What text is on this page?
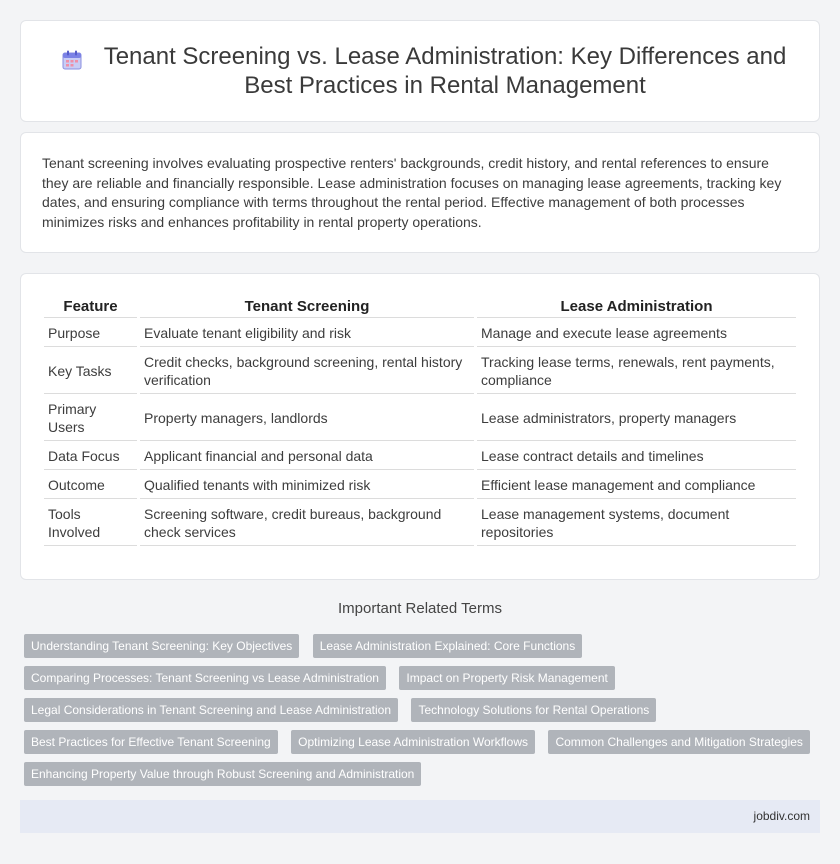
Tenant Screening vs. Lease Administration: Key Differences and Best Practices in Rental Management

Tenant screening involves evaluating prospective renters' backgrounds, credit history, and rental references to ensure they are reliable and financially responsible. Lease administration focuses on managing lease agreements, tracking key dates, and ensuring compliance with terms throughout the rental period. Effective management of both processes minimizes risks and enhances profitability in rental property operations.

Feature	Tenant Screening	Lease Administration
Purpose	Evaluate tenant eligibility and risk	Manage and execute lease agreements
Key Tasks	Credit checks, background screening, rental history verification	Tracking lease terms, renewals, rent payments, compliance
Primary Users	Property managers, landlords	Lease administrators, property managers
Data Focus	Applicant financial and personal data	Lease contract details and timelines
Outcome	Qualified tenants with minimized risk	Efficient lease management and compliance
Tools Involved	Screening software, credit bureaus, background check services	Lease management systems, document repositories
Important Related Terms
Understanding Tenant Screening: Key Objectives Lease Administration Explained: Core Functions
Comparing Processes: Tenant Screening vs Lease Administration Impact on Property Risk Management
Legal Considerations in Tenant Screening and Lease Administration Technology Solutions for Rental Operations
Best Practices for Effective Tenant Screening Optimizing Lease Administration Workflows Common Challenges and Mitigation Strategies
Enhancing Property Value through Robust Screening and Administration
jobdiv.com
